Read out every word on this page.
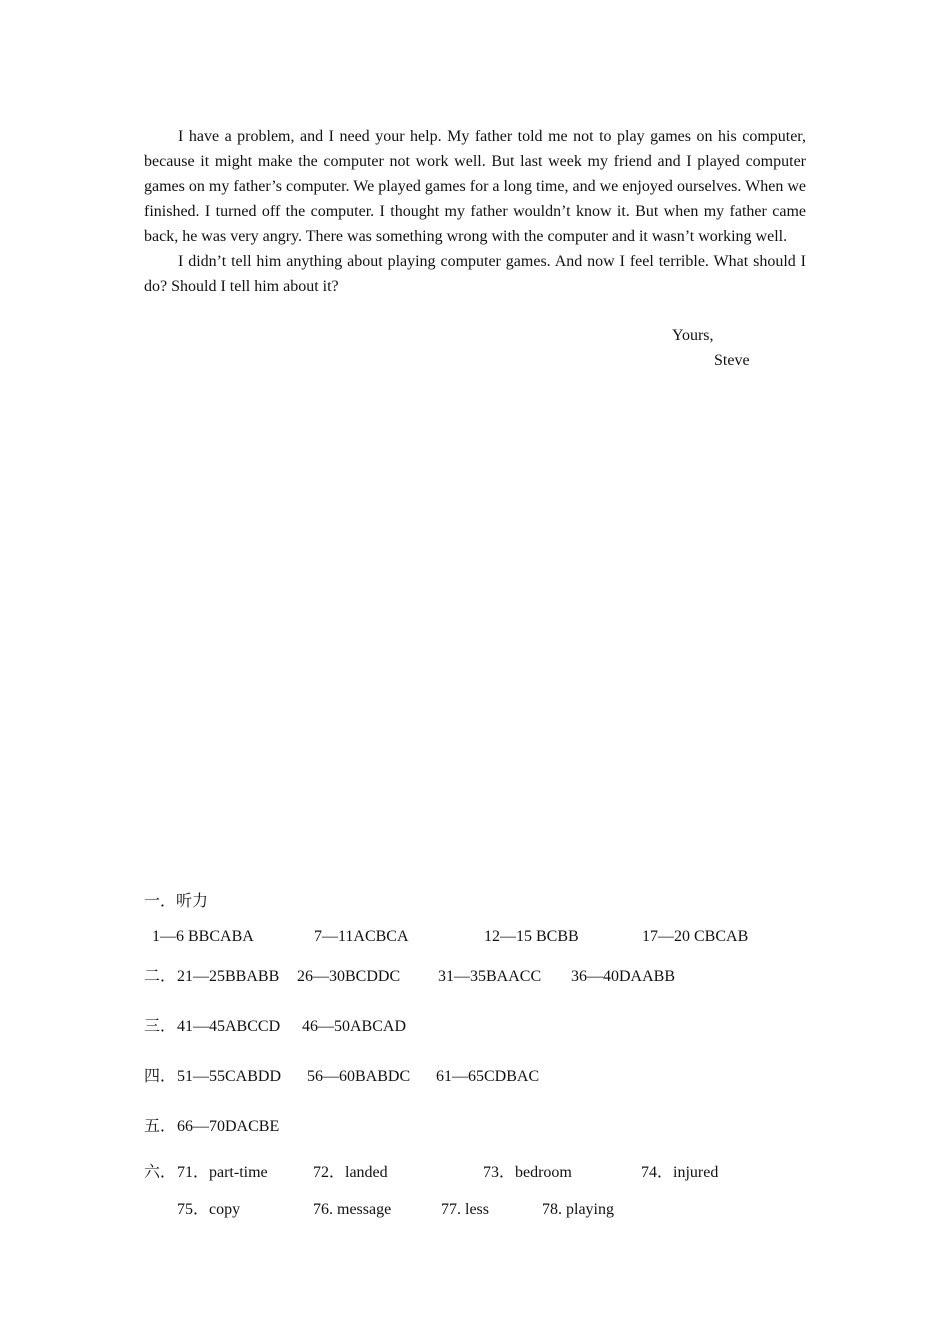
I have a problem, and I need your help. My father told me not to play games on his computer, because it might make the computer not work well. But last week my friend and I played computer games on my father’s computer. We played games for a long time, and we enjoyed ourselves. When we finished. I turned off the computer. I thought my father wouldn’t know it. But when my father came back, he was very angry. There was something wrong with the computer and it wasn’t working well.

I didn’t tell him anything about playing computer games. And now I feel terrible. What should I do? Should I tell him about it?

Yours,
Steve
一．听力
1—6 BBCABA	7—11ACBCA	12—15 BCBB	17—20 CBCAB
二． 21—25BBABB 26—30BCDDC 31—35BAACC 36—40DAABB
三． 41—45ABCCD 46—50ABCAD
四． 51—55CABDD 56—60BABDC 61—65CDBAC
五． 66—70DACBE
六． 71．part-time	72．landed	73．bedroom	74．injured
75．copy	76. message	77. less	78. playing
